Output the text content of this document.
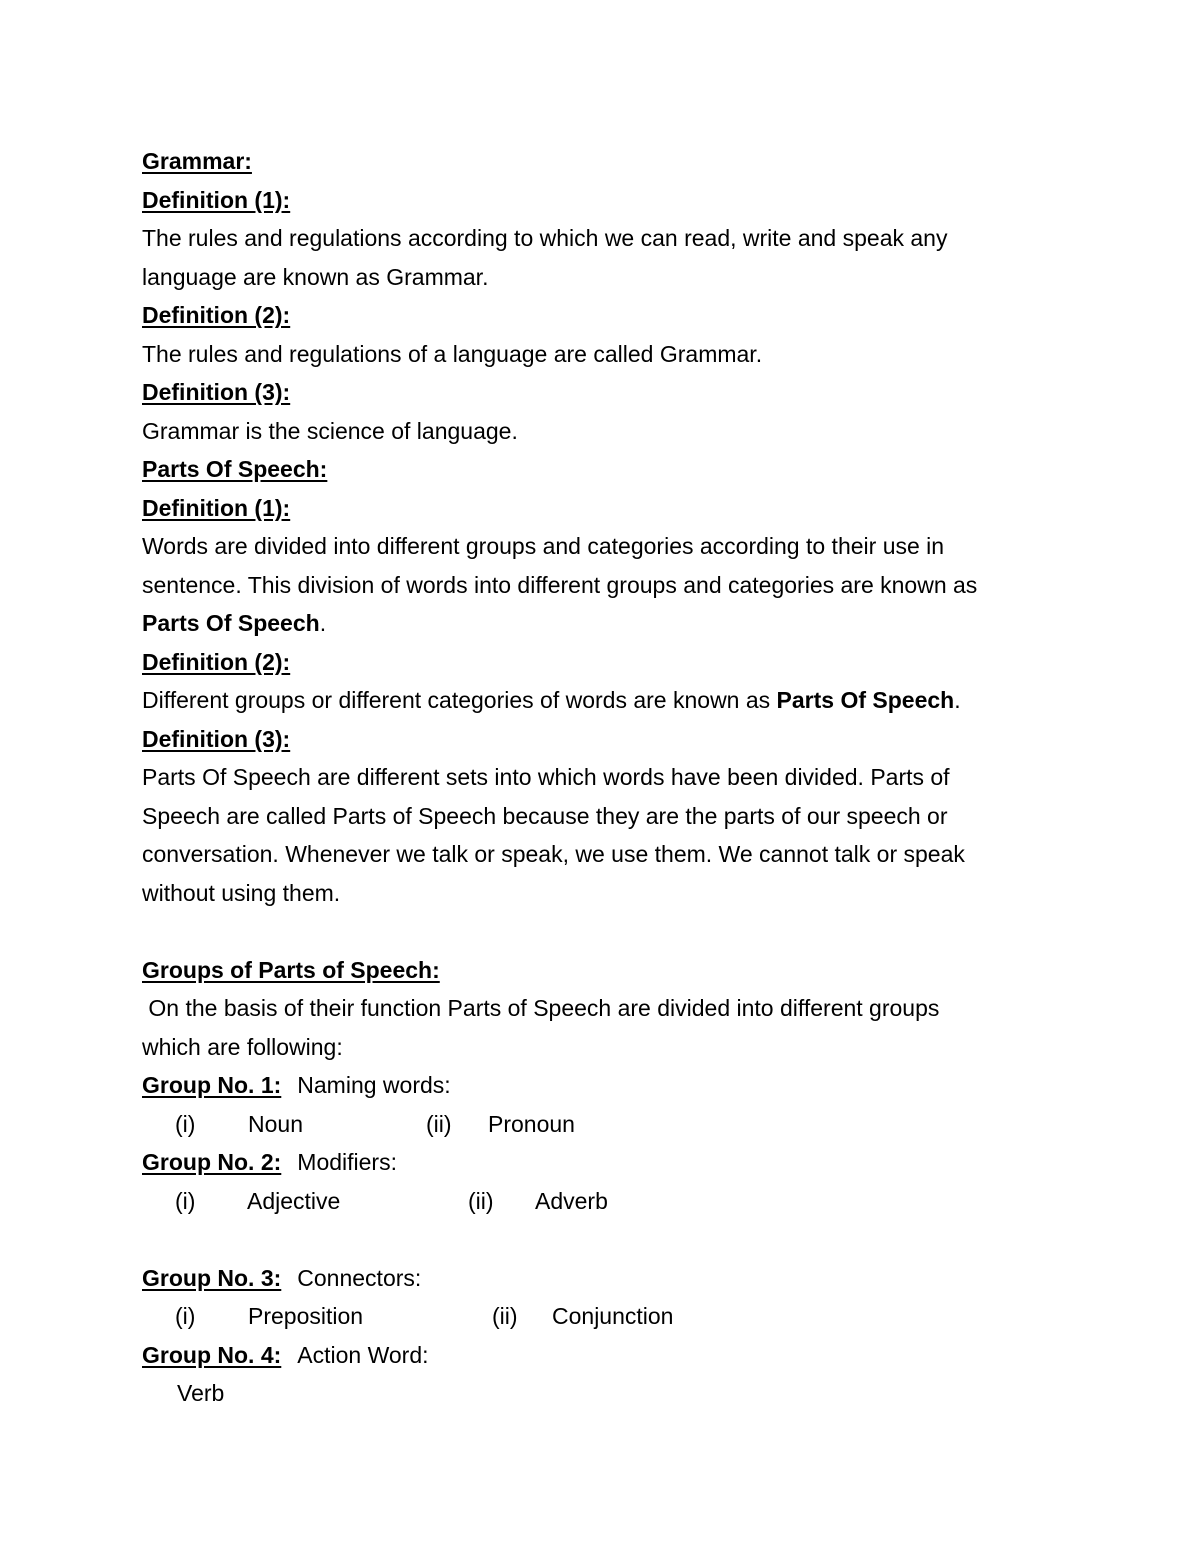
Grammar:
Definition (1):
The rules and regulations according to which we can read, write and speak any
language are known as Grammar.
Definition (2):
The rules and regulations of a language are called Grammar.
Definition (3):
Grammar is the science of language.
Parts Of Speech:
Definition (1):
Words are divided into different groups and categories according to their use in
sentence. This division of words into different groups and categories are known as
Parts Of Speech.
Definition (2):
Different groups or different categories of words are known as Parts Of Speech.
Definition (3):
Parts Of Speech are different sets into which words have been divided. Parts of
Speech are called Parts of Speech because they are the parts of our speech or
conversation. Whenever we talk or speak, we use them. We cannot talk or speak
without using them.
Groups of Parts of Speech:
On the basis of their function Parts of Speech are divided into different groups
which are following:
Group No. 1: Naming words:
(i) Noun	(ii) Pronoun
Group No. 2: Modifiers:
(i) Adjective	(ii) Adverb
Group No. 3: Connectors:
(i) Preposition	(ii) Conjunction
Group No. 4: Action Word:
Verb
